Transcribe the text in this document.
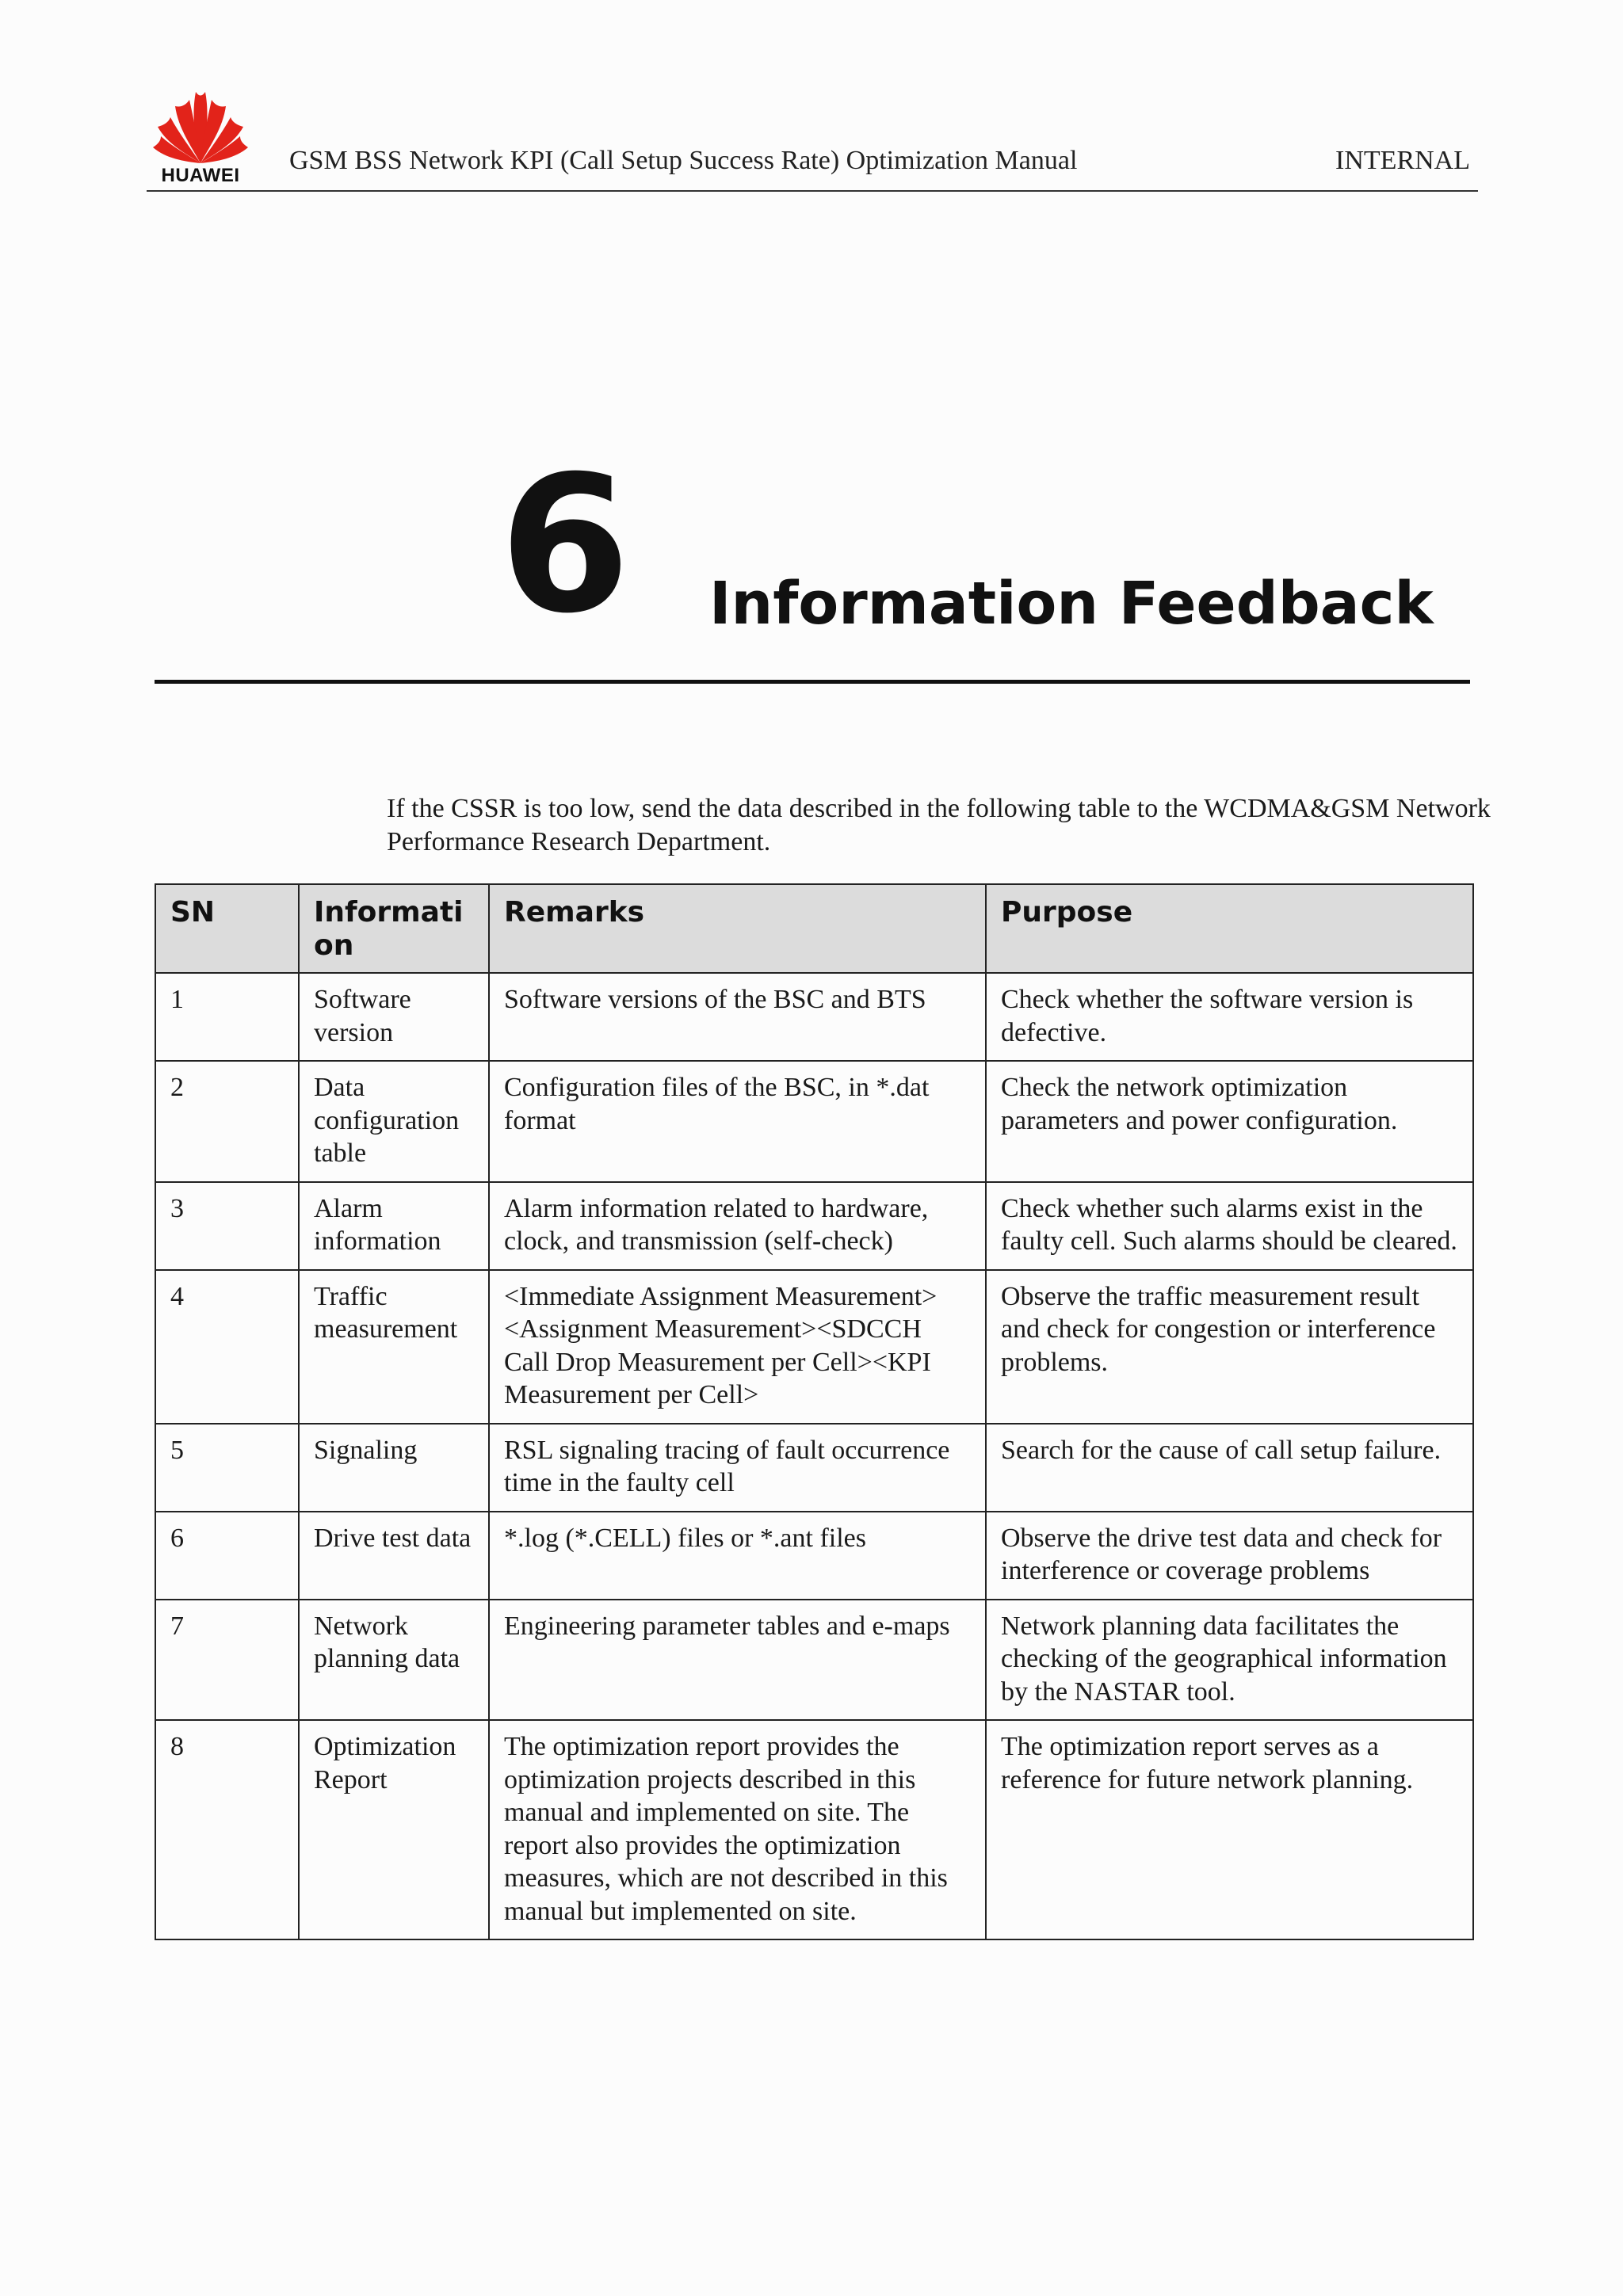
HUAWEI
GSM BSS Network KPI (Call Setup Success Rate) Optimization Manual	INTERNAL
6 Information Feedback
If the CSSR is too low, send the data described in the following table to the WCDMA&GSM Network Performance Research Department.
SN	Informati on	Remarks	Purpose
1	Software version	Software versions of the BSC and BTS	Check whether the software version is defective.
2	Data configuration table	Configuration files of the BSC, in *.dat format	Check the network optimization parameters and power configuration.
3	Alarm information	Alarm information related to hardware, clock, and transmission (self-check)	Check whether such alarms exist in the faulty cell. Such alarms should be cleared.
4	Traffic measurement	<Immediate Assignment Measurement><Assignment Measurement><SDCCH Call Drop Measurement per Cell><KPI Measurement per Cell>	Observe the traffic measurement result and check for congestion or interference problems.
5	Signaling	RSL signaling tracing of fault occurrence time in the faulty cell	Search for the cause of call setup failure.
6	Drive test data	*.log (*.CELL) files or *.ant files	Observe the drive test data and check for interference or coverage problems
7	Network planning data	Engineering parameter tables and e-maps	Network planning data facilitates the checking of the geographical information by the NASTAR tool.
8	Optimization Report	The optimization report provides the optimization projects described in this manual and implemented on site. The report also provides the optimization measures, which are not described in this manual but implemented on site.	The optimization report serves as a reference for future network planning.
